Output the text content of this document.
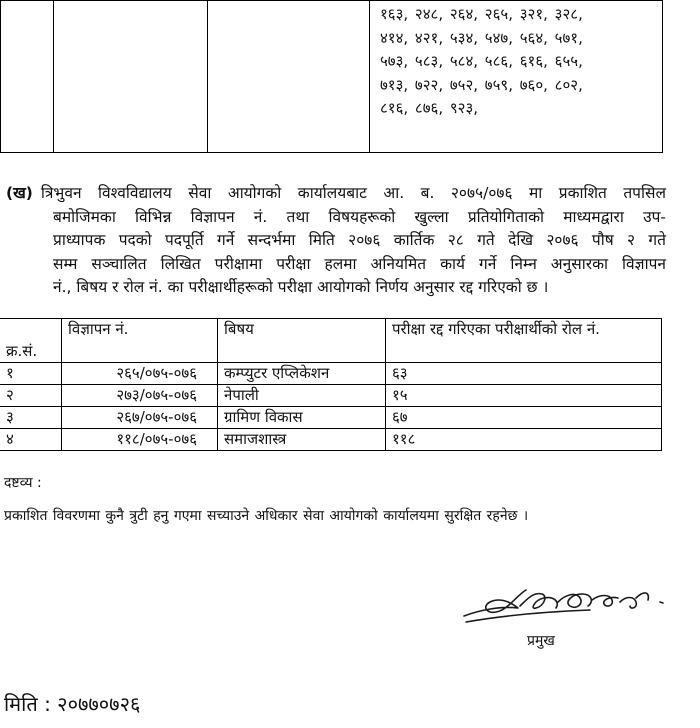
१६३, २४८, २६४, २६५, ३२१, ३२८,
४१४, ४२१, ५३४, ५४७, ५६४, ५७१,
५७३, ५८३, ५८४, ५८६, ६१६, ६५५,
७१३, ७२२, ७५२, ७५९, ७६०, ८०२,
८१६, ८७६, ९२३,
(ख) त्रिभुवन विश्वविद्यालय सेवा आयोगको कार्यालयबाट आ. ब. २०७५/०७६ मा प्रकाशित तपसिल
बमोजिमका विभिन्न विज्ञापन नं. तथा विषयहरूको खुल्ला प्रतियोगिताको माध्यमद्वारा उप-
प्राध्यापक पदको पदपूर्ति गर्ने सन्दर्भमा मिति २०७६ कार्तिक २८ गते देखि २०७६ पौष २ गते
सम्म सञ्चालित लिखित परीक्षामा परीक्षा हलमा अनियमित कार्य गर्ने निम्न अनुसारका विज्ञापन
नं., बिषय र रोल नं. का परीक्षार्थीहरूको परीक्षा आयोगको निर्णय अनुसार रद्द गरिएको छ ।
क्र.सं.	विज्ञापन नं.	बिषय	परीक्षा रद्द गरिएका परीक्षार्थीको रोल नं.
१	२६५/०७५-०७६	कम्प्युटर एप्लिकेशन	६३
२	२७३/०७५-०७६	नेपाली	१५
३	२६७/०७५-०७६	ग्रामिण विकास	६७
४	११८/०७५-०७६	समाजशास्त्र	११८
दष्टव्य :
प्रकाशित विवरणमा कुनै त्रुटी हनु गएमा सच्याउने अधिकार सेवा आयोगको कार्यालयमा सुरक्षित रहनेछ ।
प्रमुख
मिति : २०७७०७२६
